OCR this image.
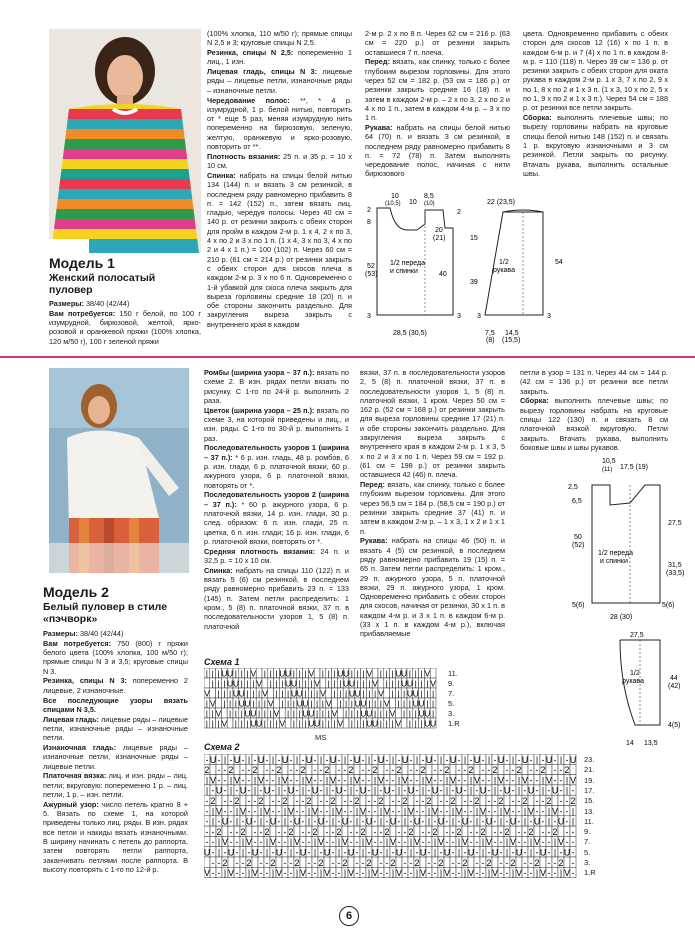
Модель 1
Женский полосатый пуловер

Размеры: 38/40 (42/44)

Вам потребуется: 150 г белой, по 100 г изумрудной, бирюзовой, желтой, ярко-розовой и оранжевой пряжи (100% хлопка, 120 м/50 г), 100 г зеленой пряжи

(100% хлопка, 110 м/50 г); прямые спицы N 2,5 и 3; круговые спицы N 2,5.

Резинка, спицы N 2,5: попеременно 1 лиц., 1 изн.

Лицевая гладь, спицы N 3: лицевые ряды – лицевые петли, изнаночные ряды – изнаночные петли.

Чередование полос: **, * 4 р. изумрудной, 1 р. белой нитью, повторить от * еще 5 раз, меняя изумрудную нить попеременно на бирюзовую, зеленую, желтую, оранжевую и ярко-розовую, повторить от **.

Плотность вязания: 25 п. и 35 р. = 10 x 10 см.

Спинка: набрать на спицы белой нитью 134 (144) п. и вязать 3 см резинкой, в последнем ряду равномерно прибавить 8 п. = 142 (152) п., затем вязать лиц. гладью, чередуя полосы. Через 40 см = 140 р. от резинки закрыть с обеих сторон для пройм в каждом 2-м р. 1 x 4, 2 x по 3, 4 x по 2 и 3 x по 1 п. (1 x 4, 3 x по 3, 4 x по 2 и 4 x 1 п.) = 100 (102) п. Через 60 см = 210 р. (61 см = 214 р.) от резинки закрыть с обеих сторон для скосов плеча в каждом 2-м р. 3 x по 6 п. Одновременно с 1-й убавкой для скоса плеча закрыть для выреза горловины средние 18 (20) п. и обе стороны закончить раздельно. Для закругления выреза закрыть с внутреннего края в каждом

2-м р. 2 x по 8 п. Через 62 см = 216 р. (63 см = 220 р.) от резинки закрыть оставшиеся 7 п. плеча.

Перед: вязать, как спинку, только с более глубоким вырезом горловины. Для этого через 52 см = 182 р. (53 см = 186 р.) от резинки закрыть средние 16 (18) п. и затем в каждом 2-м р. – 2 x по 3, 2 x по 2 и 4 x по 1 п., затем в каждом 4-м р. – 3 x по 1 п.

Рукава: набрать на спицы белой нитью 64 (70) п. и вязать 3 см резинкой, в последнем ряду равномерно прибавить 8 п. = 72 (78) п. Затем выполнять чередование полос, начиная с нити бирюзового

цвета. Одновременно прибавить с обеих сторон для скосов 12 (16) x по 1 п. в каждом 6-м р. и 7 (4) x по 1 п. в каждом 8-м р. = 110 (118) п. Через 39 см = 136 р. от резинки закрыть с обеих сторон для оката рукава в каждом 2-м р. 1 x 3, 7 x по 2, 9 x по 1, 8 x по 2 и 1 x 3 п. (1 x 3, 10 x по 2, 5 x по 1, 9 x по 2 и 1 x 3 п.). Через 54 см = 188 р. от резинки все петли закрыть.

Сборка: выполнить плечевые швы; по вырезу горловины набрать на круговые спицы белой нитью 148 (152) п. и связать 1 р. вкруговую изнаночными и 3 см резинкой. Петли закрыть по рисунку. Втачать рукава, выполнить остальные швы.

10
(10,5) 10
8,5
(10)
2	2
8
20
(21)	15
40
39
52
(53)
1/2 переда и спинки
3	3
28,5 (30,5)
22 (23,5)
1/2 рукава
54
7,5
(8)
14,5
(15,5)
3	3
Модель 2
Белый пуловер в стиле «пэчворк»

Размеры: 38/40 (42/44)

Вам потребуется: 750 (800) г пряжи белого цвета (100% хлопка, 100 м/50 г); прямые спицы N 3 и 3,5; круговые спицы N 3.

Резинка, спицы N 3: попеременно 2 лицевые, 2 изнаночные.

Все последующие узоры вязать спицами N 3,5.

Лицевая гладь: лицевые ряды – лицевые петли, изнаночные ряды – изнаночные петли.

Изнаночная гладь: лицевые ряды – изнаночные петли, изнаночные ряды – лицевые петли.

Платочная вязка: лиц. и изн. ряды – лиц. петли; вкруговую: попеременно 1 р. – лиц. петли, 1 р. – изн. петли.

Ажурный узор: число петель кратно 8 + 5. Вязать по схеме 1, на которой приведены только лиц. ряды. В изн. рядах все петли и накиды вязать изнаночными. В ширину начинать с петель до раппорта, затем повторять петли раппорта, заканчивать петлями после раппорта. В высоту повторять с 1-го по 12-й р.

Ромбы (ширина узора – 37 п.): вязать по схеме 2. В изн. рядах петли вязать по рисунку. С 1-го по 24-й р. выполнить 2 раза.

Цветок (ширина узора – 25 п.): вязать по схеме 3, на которой приведены и лиц., и изн. ряды. С 1-го по 30-й р. выполнить 1 раз.

Последовательность узоров 1 (ширина – 37 п.): * 6 р. изн. гладь, 48 р. ромбов, 6 р. изн. глади, 6 р. платочной вязки, 60 р. ажурного узора, 6 р. платочной вязки, повторять от *.

Последовательность узоров 2 (ширина – 37 п.): * 60 р. ажурного узора, 6 р. платочной вязки, 14 р. изн. глади, 30 р. след. образом: 6 п. изн. глади, 25 п. цветка, 6 п. изн. глади; 16 р. изн. глади, 6 р. платочной вязки, повторять от *.

Средняя плотность вязания: 24 п. и 32,5 р. = 10 x 10 см.

Спинка: набрать на спицы 110 (122) п. и вязать 5 (6) см резинкой, в последнем ряду равномерно прибавить 23 п. = 133 (145) п. Затем петли распределить: 1 кром., 5 (8) п. платочной вязки, 37 п. в последовательности узоров 1, 5 (8) п. платочной

вязки, 37 п. в последовательности узоров 2, 5 (8) п. платочной вязки, 37 п. в последовательности узоров 1, 5 (8) п. платочной вязки, 1 кром. Через 50 см = 162 р. (52 см = 168 р.) от резинки закрыть для выреза горловины средние 17 (21) п. и обе стороны закончить раздельно. Для закругления выреза закрыть с внутреннего края в каждом 2-м р. 1 x 3, 5 x по 2 и 3 x по 1 п. Через 59 см = 192 р. (61 см = 198 р.) от резинки закрыть оставшиеся 42 (46) п. плеча.

Перед: вязать, как спинку, только с более глубоким вырезом горловины. Для этого через 56,5 см = 184 р. (58,5 см = 190 р.) от резинки закрыть средние 37 (41) п. и затем в каждом 2-м р. – 1 x 3, 1 x 2 и 1 x 1 п.

Рукава: набрать на спицы 46 (50) п. и вязать 4 (5) см резинкой, в последнем ряду равномерно прибавить 19 (15) п. = 65 п. Затем петли распределить: 1 кром., 29 п. ажурного узора, 5 п. платочной вязки, 29 п. ажурного узора, 1 кром. Одновременно прибавить с обеих сторон для скосов, начиная от резинки, 30 x 1 п. в каждом 4-м р. и 3 x 1 п. в каждом 6-м р. (33 x 1 п. в каждом 4-м р.), включая прибавляемые

петли в узор = 131 п. Через 44 см = 144 р. (42 см = 136 р.) от резинки все петли закрыть.

Сборка: выполнить плечевые швы; по вырезу горловины набрать на круговые спицы 122 (130) п. и связать 8 см платочной вязкой вкруговую. Петли закрыть. Втачать рукава, выполнить боковые швы и швы рукавов.

10,5
(11) 17,5 (19)
2,5
6,5
27,5
50
(52)
1/2 переда и спинки
31,5
(33,5)
5(6)	5(6)
28 (30)
27,5
1/2 рукава	44
(42)
4(5)
14 13,5
Схема 1
| | | U U | | | V | | | U U | | | V | | | U U | | | V | | | U U | | | V
| | | U U | | | V | | | U U | | | V | | | U U | | | V | | | U U | | | V
V | | | U U | | | V | | | U U | | | V | | | U U | | | V | | | U U | | |
| V | | | U U | | | V | | | U U | | | V | | | U U | | | V | | | U U | |
| | V | | | U U | | | V | | | U U | | | V | | | U U | | | V | | | U U |
| | | V | | | U U | | | V | | | U U | | | V | | | U U | | | V | | | U U
MS
11.
9.
7.
5.
3.
1.R
Схема 2
- U - | - U - | - U - | - U - | - U - | - U - | - U - | - U - | - U - | - U - | - U - | - U - | - U - | - U - | - U - | - U
2 - - 2 - - 2 - - 2 - - 2 - - 2 - - 2 - - 2 - - 2 - - 2 - - 2 - - 2 - - 2 - - 2 - - 2 - - 2
| V - - | V - - | V - - | V - - | V - - | V - - | V - - | V - - | V - - | V - - | V - - | V - - | V - - | V - - | V - - | V
| - U - | - U - | - U - | - U - | - U - | - U - | - U - | - U - | - U - | - U - | - U - | - U - | - U - | - U - | - U - | -
- 2 - - 2 - - 2 - - 2 - - 2 - - 2 - - 2 - - 2 - - 2 - - 2 - - 2 - - 2 - - 2 - - 2 - - 2 - - 2
- | V - - | V - - | V - - | V - - | V - - | V - - | V - - | V - - | V - - | V - - | V - - | V - - | V - - | V - - | V - - |
- | - U - | - U - | - U - | - U - | - U - | - U - | - U - | - U - | - U - | - U - | - U - | - U - | - U - | - U - | - U - |
- - 2 - - 2 - - 2 - - 2 - - 2 - - 2 - - 2 - - 2 - - 2 - - 2 - - 2 - - 2 - - 2 - - 2 - - 2 - -
- - | V - - | V - - | V - - | V - - | V - - | V - - | V - - | V - - | V - - | V - - | V - - | V - - | V - - | V - - | V - -
U - | - U - | - U - | - U - | - U - | - U - | - U - | - U - | - U - | - U - | - U - | - U - | - U - | - U - | - U - | - U -
- - 2 - - 2 - - 2 - - 2 - - 2 - - 2 - - 2 - - 2 - - 2 - - 2 - - 2 - - 2 - - 2 - - 2 - - 2 -
V - - | V - - | V - - | V - - | V - - | V - - | V - - | V - - | V - - | V - - | V - - | V - - | V - - | V - - | V - - | V -
23.
21.
19.
17.
15.
13.
11.
9.
7.
5.
3.
1.R
6
